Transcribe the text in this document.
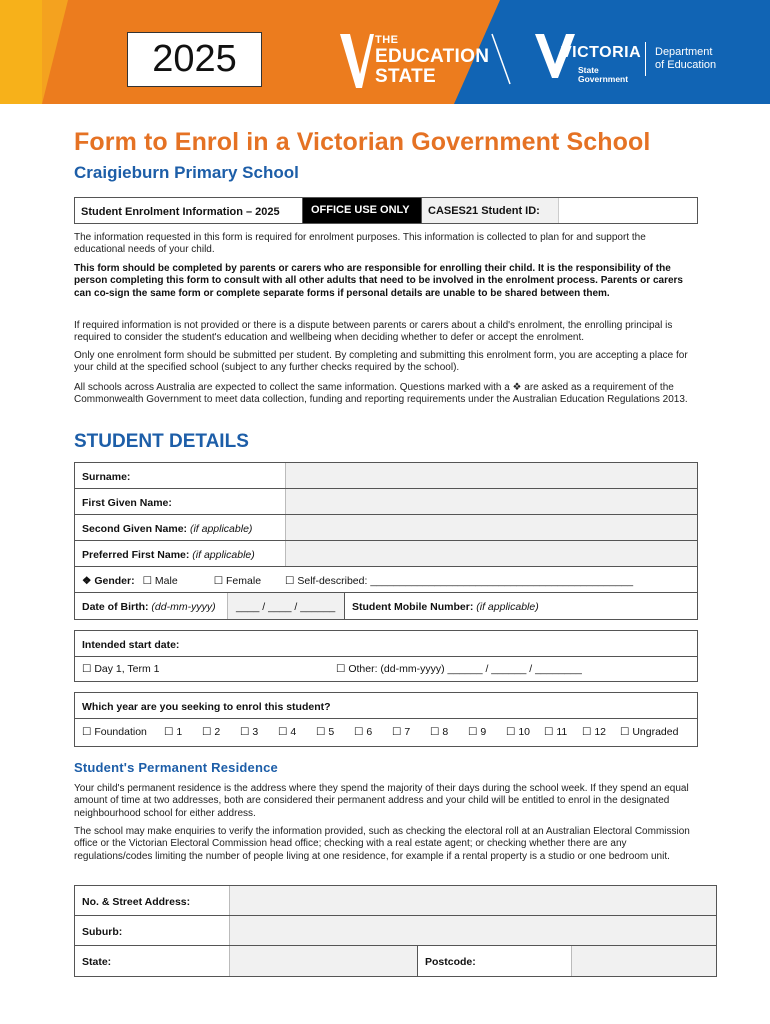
2025	THE
EDUCATION
STATE
VICTORIA
State
Government
Department
of Education
Form to Enrol in a Victorian Government School
Craigieburn Primary School
Student Enrolment Information – 2025	OFFICE USE ONLY	CASES21 Student ID:
The information requested in this form is required for enrolment purposes. This information is collected to plan for and support the educational needs of your child.
This form should be completed by parents or carers who are responsible for enrolling their child. It is the responsibility of the person completing this form to consult with all other adults that need to be involved in the enrolment process. Parents or carers can co-sign the same form or complete separate forms if personal details are unable to be shared between them.
If required information is not provided or there is a dispute between parents or carers about a child's enrolment, the enrolling principal is required to consider the student's education and wellbeing when deciding whether to defer or accept the enrolment.
Only one enrolment form should be submitted per student. By completing and submitting this enrolment form, you are accepting a place for your child at the specified school (subject to any further checks required by the school).
All schools across Australia are expected to collect the same information. Questions marked with a ❖ are asked as a requirement of the Commonwealth Government to meet data collection, funding and reporting requirements under the Australian Education Regulations 2013.
STUDENT DETAILS
Surname:
First Given Name:
Second Given Name: (if applicable)
Preferred First Name: (if applicable)
❖ Gender: ☐ Male	☐ Female ☐ Self-described: _____________________________________________
Date of Birth: (dd-mm-yyyy)	____ / ____ / ______	Student Mobile Number: (if applicable)
Intended start date:
☐ Day 1, Term 1	☐ Other: (dd-mm-yyyy) ______ / ______ / ________
Which year are you seeking to enrol this student?
☐ Foundation	☐ 1	☐ 2	☐ 3	☐ 4	☐ 5	☐ 6	☐ 7	☐ 8	☐ 9	☐ 10	☐ 11	☐ 12	☐ Ungraded
Student's Permanent Residence
Your child's permanent residence is the address where they spend the majority of their days during the school week. If they spend an equal amount of time at two addresses, both are considered their permanent address and your child will be entitled to enrol in the designated neighbourhood school for either address.
The school may make enquiries to verify the information provided, such as checking the electoral roll at an Australian Electoral Commission office or the Victorian Electoral Commission head office; checking with a real estate agent; or checking whether there are any regulations/codes limiting the number of people living at one residence, for example if a rental property is a studio or one bedroom unit.
No. & Street Address:
Suburb:
State:	Postcode:
